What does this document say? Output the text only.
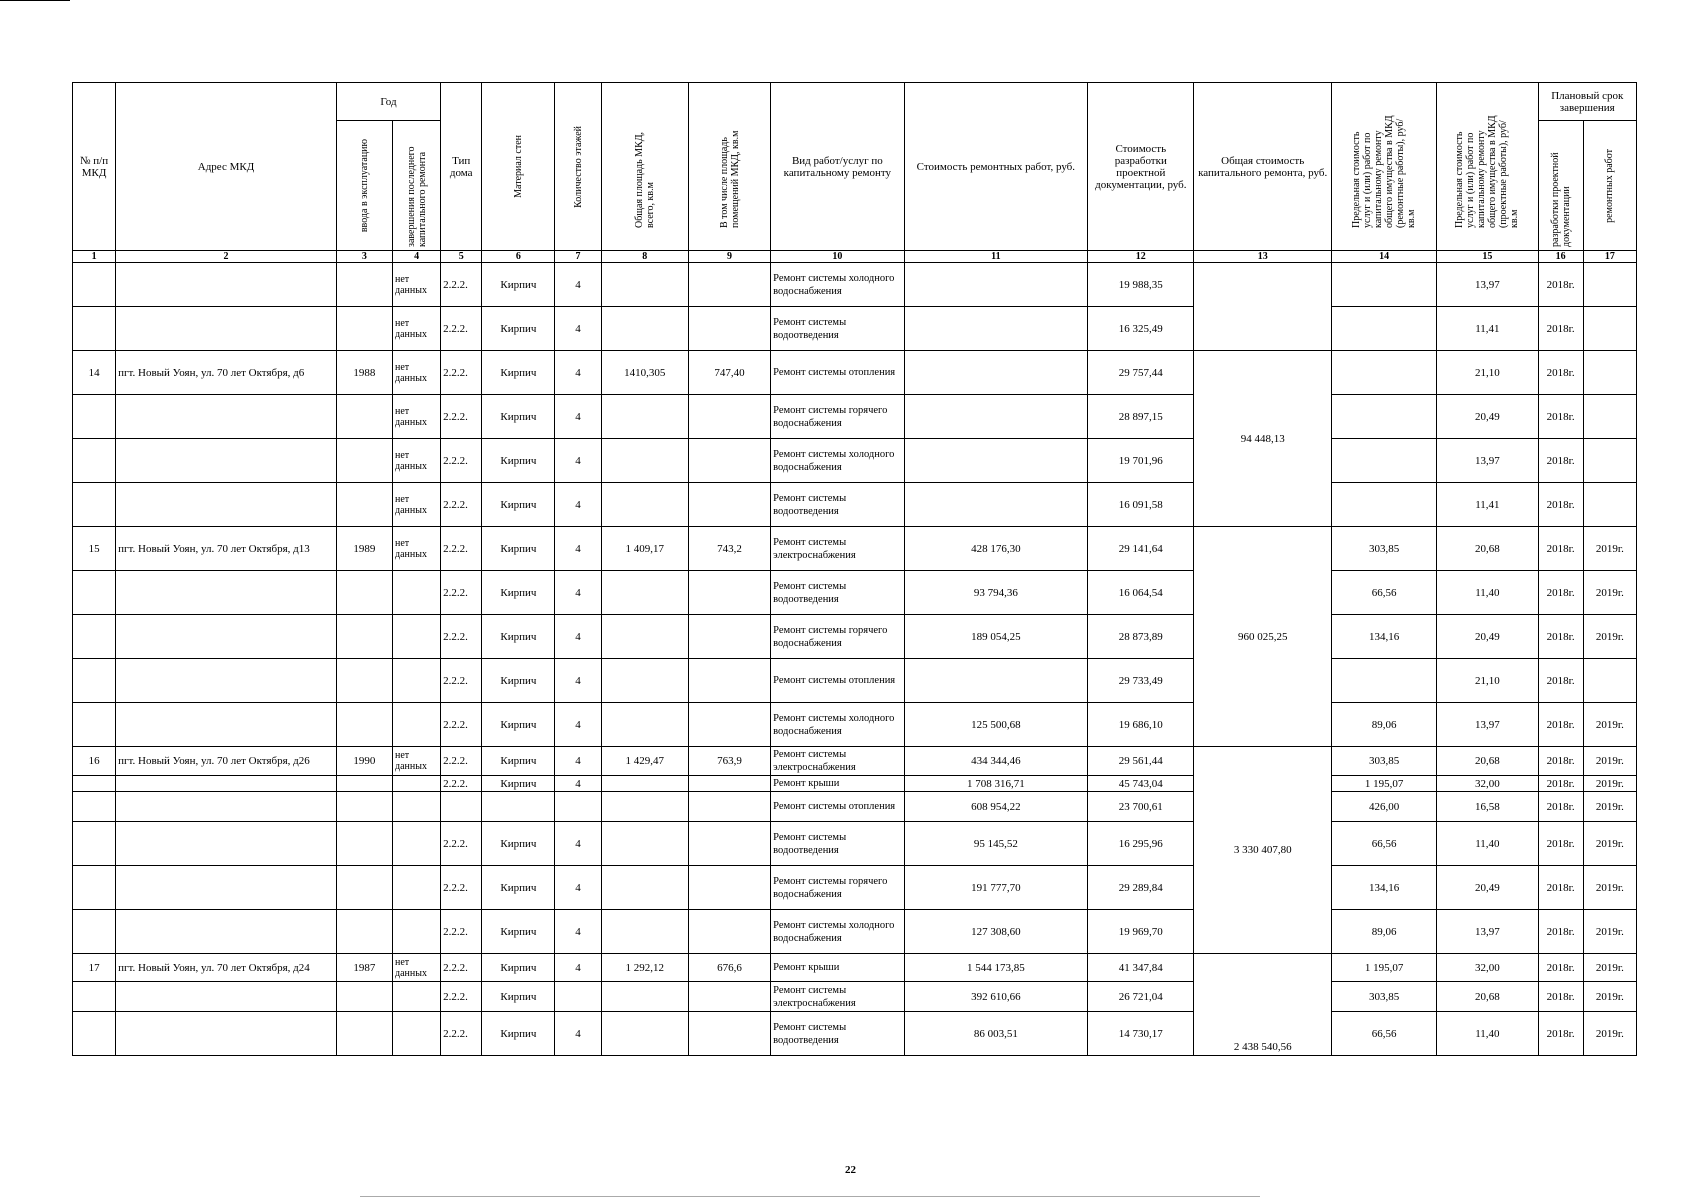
№ п/п МКД	Адрес МКД	Год		Тип дома	Материал стен	Количество этажей	Общая площадь МКД, всего, кв.м	В том числе площадь помещений МКД, кв.м	Вид работ/услуг по капитальному ремонту	Стоимость ремонтных работ, руб.	Стоимость разработки проектной документации, руб.	Общая стоимость капитального ремонта, руб.	Предельная стоимость услуг и (или) работ по капитальному ремонту общего имущества в МКД (ремонтные работы), руб/кв.м	Предельная стоимость услуг и (или) работ по капитальному ремонту общего имущества в МКД (проектные работы), руб/кв.м	Плановый срок завершения	

		ввода в эксплуатацию	завершения последнего капитального ремонта												разработки проектной документации	ремонтных работ

1	2	3	4	5	6	7	8	9	10	11	12	13	14	15	16	17
			нет данных	2.2.2.	Кирпич	4			Ремонт системы холодного водоснабжения		19 988,35			13,97	2018г.	
			нет данных	2.2.2.	Кирпич	4			Ремонт системы водоотведения		16 325,49			11,41	2018г.	
14	пгт. Новый Уоян, ул. 70 лет Октября, д6	1988	нет данных	2.2.2.	Кирпич	4	1410,305	747,40	Ремонт системы отопления		29 757,44	94 448,13		21,10	2018г.	
			нет данных	2.2.2.	Кирпич	4			Ремонт системы горячего водоснабжения		28 897,15			20,49	2018г.	
			нет данных	2.2.2.	Кирпич	4			Ремонт системы холодного водоснабжения		19 701,96			13,97	2018г.	
			нет данных	2.2.2.	Кирпич	4			Ремонт системы водоотведения		16 091,58			11,41	2018г.	
15	пгт. Новый Уоян, ул. 70 лет Октября, д13	1989	нет данных	2.2.2.	Кирпич	4	1 409,17	743,2	Ремонт системы электроснабжения	428 176,30	29 141,64	960 025,25	303,85	20,68	2018г.	2019г.
				2.2.2.	Кирпич	4			Ремонт системы водоотведения	93 794,36	16 064,54		66,56	11,40	2018г.	2019г.
				2.2.2.	Кирпич	4			Ремонт системы горячего водоснабжения	189 054,25	28 873,89		134,16	20,49	2018г.	2019г.
				2.2.2.	Кирпич	4			Ремонт системы отопления		29 733,49			21,10	2018г.	
				2.2.2.	Кирпич	4			Ремонт системы холодного водоснабжения	125 500,68	19 686,10		89,06	13,97	2018г.	2019г.
16	пгт. Новый Уоян, ул. 70 лет Октября, д26	1990	нет данных	2.2.2.	Кирпич	4	1 429,47	763,9	Ремонт системы электроснабжения	434 344,46	29 561,44	3 330 407,80	303,85	20,68	2018г.	2019г.
				2.2.2.	Кирпич	4			Ремонт крыши	1 708 316,71	45 743,04		1 195,07	32,00	2018г.	2019г.
									Ремонт системы отопления	608 954,22	23 700,61		426,00	16,58	2018г.	2019г.
				2.2.2.	Кирпич	4			Ремонт системы водоотведения	95 145,52	16 295,96		66,56	11,40	2018г.	2019г.
				2.2.2.	Кирпич	4			Ремонт системы горячего водоснабжения	191 777,70	29 289,84		134,16	20,49	2018г.	2019г.
				2.2.2.	Кирпич	4			Ремонт системы холодного водоснабжения	127 308,60	19 969,70		89,06	13,97	2018г.	2019г.
17	пгт. Новый Уоян, ул. 70 лет Октября, д24	1987	нет данных	2.2.2.	Кирпич	4	1 292,12	676,6	Ремонт крыши	1 544 173,85	41 347,84	2 438 540,56	1 195,07	32,00	2018г.	2019г.
				2.2.2.	Кирпич				Ремонт системы электроснабжения	392 610,66	26 721,04		303,85	20,68	2018г.	2019г.
				2.2.2.	Кирпич	4			Ремонт системы водоотведения	86 003,51	14 730,17		66,56	11,40	2018г.	2019г.
22
